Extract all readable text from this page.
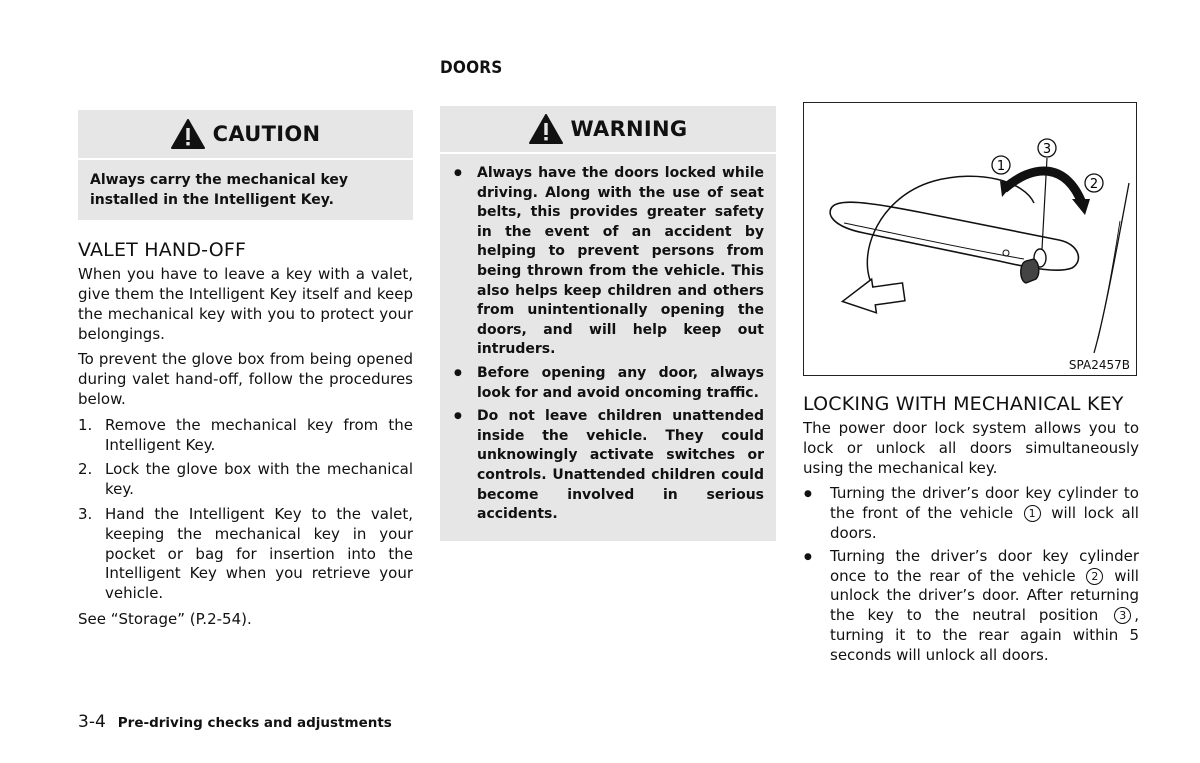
DOORS
CAUTION
Always carry the mechanical key installed in the Intelligent Key.
VALET HAND-OFF

When you have to leave a key with a valet, give them the Intelligent Key itself and keep the mechanical key with you to protect your belongings.

To prevent the glove box from being opened during valet hand-off, follow the procedures below.

1. Remove the mechanical key from the Intelligent Key.
2. Lock the glove box with the mechanical key.
3. Hand the Intelligent Key to the valet, keeping the mechanical key in your pocket or bag for insertion into the Intelligent Key when you retrieve your vehicle.

See “Storage” (P.2-54).

WARNING
● Always have the doors locked while driving. Along with the use of seat belts, this provides greater safety in the event of an accident by helping to prevent persons from being thrown from the vehicle. This also helps keep children and others from unintentionally opening the doors, and will help keep out intruders.
● Before opening any door, always look for and avoid oncoming traffic.
● Do not leave children unattended inside the vehicle. They could unknowingly activate switches or controls. Unattended children could become involved in serious accidents.
1
3
2
SPA2457B
LOCKING WITH MECHANICAL KEY

The power door lock system allows you to lock or unlock all doors simultaneously using the mechanical key.

● Turning the driver’s door key cylinder to the front of the vehicle 1 will lock all doors.
● Turning the driver’s door key cylinder once to the rear of the vehicle 2 will unlock the driver’s door. After returning the key to the neutral position 3 , turning it to the rear again within 5 seconds will unlock all doors.
3-4 Pre-driving checks and adjustments
